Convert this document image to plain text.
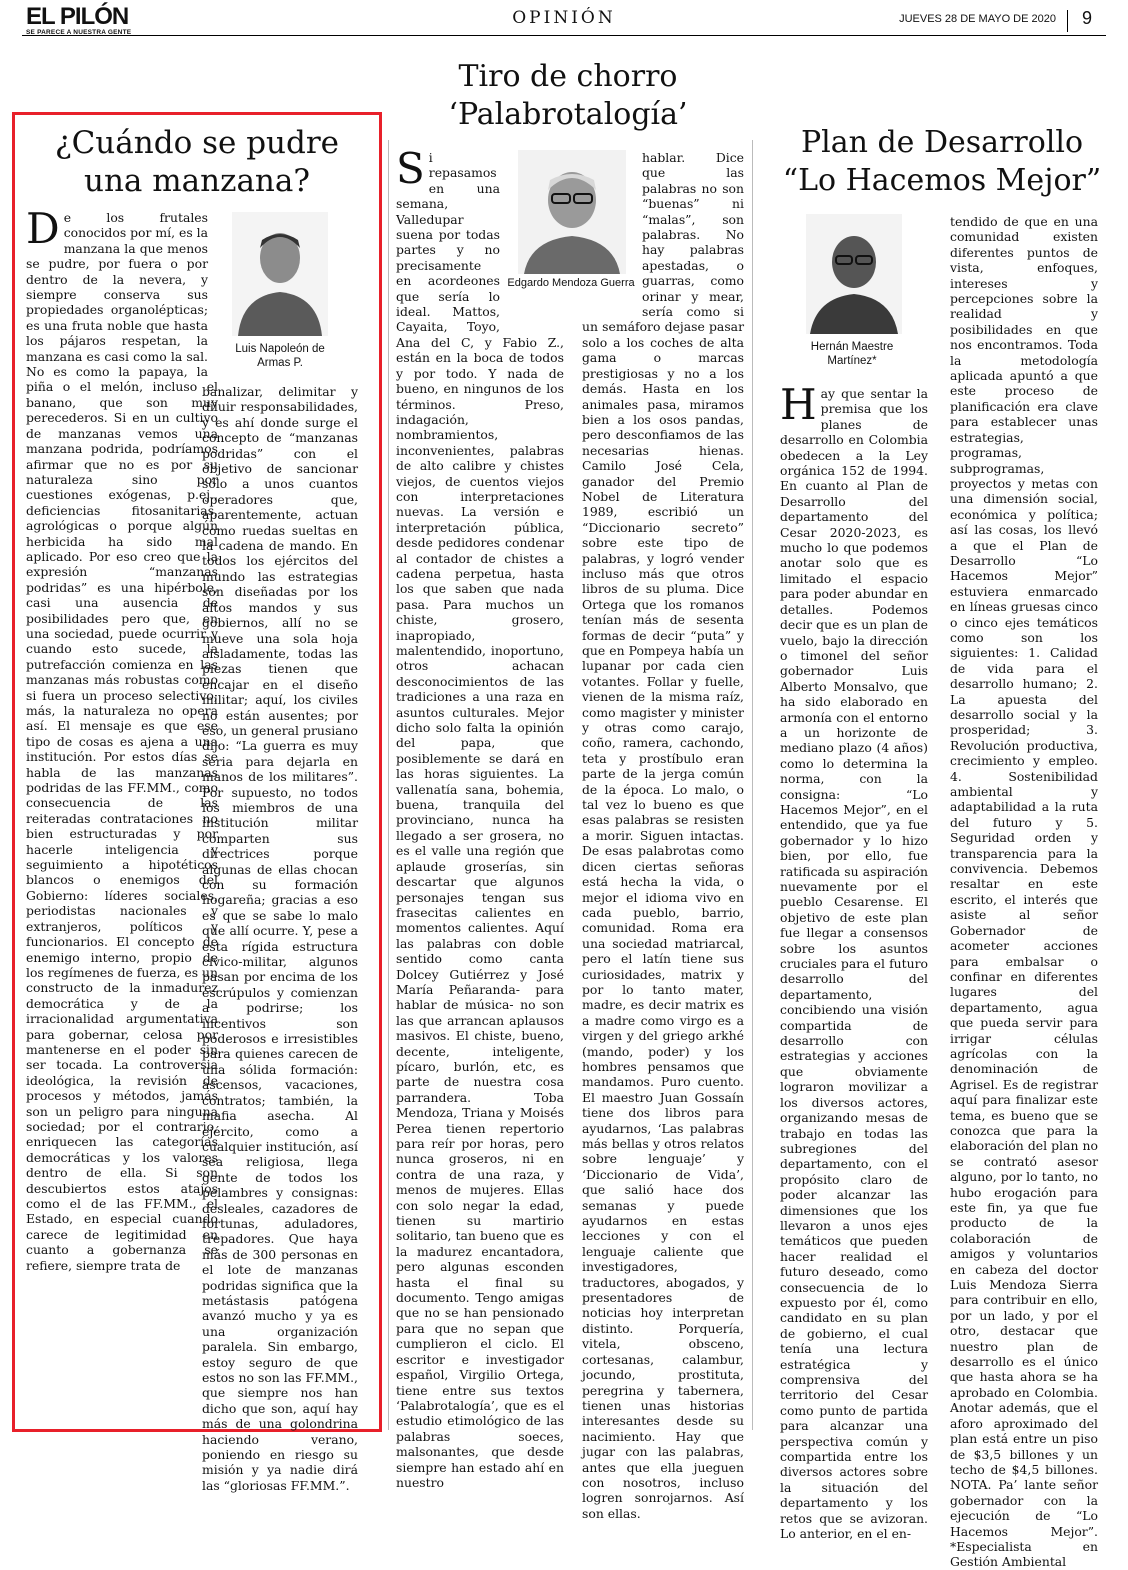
EL PILÓN
SE PARECE A NUESTRA GENTE
OPINIÓN	JUEVES 28 DE MAYO DE 2020 9
¿Cuándo se pudre
una manzana?
Luis Napoleón de Armas P.
D e los frutales conocidos por mí, es la manzana la que menos se pudre, por fuera o por dentro de la nevera, y siempre conserva sus propiedades organolépticas; es una fruta noble que hasta los pájaros respetan, la manzana es casi como la sal. No es como la papaya, la piña o el melón, incluso el banano, que son muy perecederos. Si en un cultivo de manzanas vemos una manzana podrida, podríamos afirmar que no es por su naturaleza sino por cuestiones exógenas, p.ej., deficiencias fitosanitarias, agrológicas o porque algún herbicida ha sido mal aplicado. Por eso creo que la expresión “manzanas podridas” es una hipérbole, casi una ausencia de posibilidades pero que, en una sociedad, puede ocurrir y cuando esto sucede, la putrefacción comienza en las manzanas más robustas como si fuera un proceso selectivo; más, la naturaleza no opera así. El mensaje es que ese tipo de cosas es ajena a una institución. Por estos días se habla de las manzanas podridas de las FF.MM., como consecuencia de las reiteradas contrataciones no bien estructuradas y por hacerle inteligencia y seguimiento a hipotéticos blancos o enemigos del Gobierno: líderes sociales, periodistas nacionales y extranjeros, políticos y funcionarios. El concepto de enemigo interno, propio de los regímenes de fuerza, es un constructo de la inmadurez democrática y de la irracionalidad argumentativa para gobernar, celosa por mantenerse en el poder sin ser tocada. La controversia ideológica, la revisión de procesos y métodos, jamás son un peligro para ninguna sociedad; por el contrario, enriquecen las categorías democráticas y los valores dentro de ella. Si son descubiertos estos atajos como el de las FF.MM., el Estado, en especial cuando carece de legitimidad en cuanto a gobernanza se refiere, siempre trata de
banalizar, delimitar y diluir responsabilidades, y es ahí donde surge el concepto de “manzanas podridas” con el objetivo de sancionar sólo a unos cuantos operadores que, aparentemente, actuan como ruedas sueltas en la cadena de mando. En todos los ejércitos del mundo las estrategias son diseñadas por los altos mandos y sus gobiernos, allí no se mueve una sola hoja aisladamente, todas las piezas tienen que encajar en el diseño militar; aquí, los civiles no están ausentes; por eso, un general prusiano dijo: “La guerra es muy seria para dejarla en manos de los militares”. Por supuesto, no todos los miembros de una institución militar comparten sus directrices porque algunas de ellas chocan con su formación hogareña; gracias a eso es que se sabe lo malo que allí ocurre. Y, pese a esta rígida estructura cívico-militar, algunos pasan por encima de los escrúpulos y comienzan a podrirse; los incentivos son poderosos e irresistibles para quienes carecen de una sólida formación: ascensos, vacaciones, contratos; también, la mafia asecha. Al ejército, como a cualquier institución, así sea religiosa, llega gente de todos los pelambres y consignas: desleales, cazadores de fortunas, aduladores, trepadores. Que haya más de 300 personas en el lote de manzanas podridas significa que la metástasis patógena avanzó mucho y ya es una organización paralela. Sin embargo, estoy seguro de que estos no son las FF.MM., que siempre nos han dicho que son, aquí hay más de una golondrina haciendo verano, poniendo en riesgo su misión y ya nadie dirá las “gloriosas FF.MM.”.
Tiro de chorro
‘Palabrotalogía’
Edgardo Mendoza Guerra
S i repasamos en una semana, Valledupar suena por todas partes y no precisamente en acordeones que sería lo ideal. Mattos, Cayaita, Toyo, Ana del C, y Fabio Z., están en la boca de todos y por todo. Y nada de bueno, en ningunos de los términos. Preso, indagación, nombramientos, inconvenientes, palabras de alto calibre y chistes viejos, de cuentos viejos con interpretaciones nuevas. La versión e interpretación pública, desde pedidores condenar al contador de chistes a cadena perpetua, hasta los que saben que nada pasa. Para muchos un chiste, grosero, inapropiado, malentendido, inoportuno, otros achacan desconocimientos de las tradiciones a una raza en asuntos culturales. Mejor dicho solo falta la opinión del papa, que posiblemente se dará en las horas siguientes. La vallenatía sana, bohemia, buena, tranquila del provinciano, nunca ha llegado a ser grosera, no es el valle una región que aplaude groserías, sin descartar que algunos personajes tengan sus frasecitas calientes en momentos calientes. Aquí las palabras con doble sentido como canta Dolcey Gutiérrez y José María Peñaranda- para hablar de música- no son las que arrancan aplausos masivos. El chiste, bueno, decente, inteligente, pícaro, burlón, etc, es parte de nuestra cosa parrandera. Toba Mendoza, Triana y Moisés Perea tienen repertorio para reír por horas, pero nunca groseros, ni en contra de una raza, y menos de mujeres. Ellas con solo negar la edad, tienen su martirio solitario, tan bueno que es la madurez encantadora, pero algunas esconden hasta el final su documento. Tengo amigas que no se han pensionado para que no sepan que cumplieron el ciclo. El escritor e investigador español, Virgilio Ortega, tiene entre sus textos ‘Palabrotalogía’, que es el estudio etimológico de las palabras soeces, malsonantes, que desde siempre han estado ahí en nuestro
hablar. Dice que las palabras no son “buenas” ni “malas”, son palabras. No hay palabras apestadas, o guarras, como orinar y mear, sería como si un semáforo dejase pasar solo a los coches de alta gama o marcas prestigiosas y no a los demás. Hasta en los animales pasa, miramos bien a los osos pandas, pero desconfiamos de las necesarias hienas. Camilo José Cela, ganador del Premio Nobel de Literatura 1989, escribió un “Diccionario secreto” sobre este tipo de palabras, y logró vender incluso más que otros libros de su pluma. Dice Ortega que los romanos tenían más de sesenta formas de decir “puta” y que en Pompeya había un lupanar por cada cien votantes. Follar y fuelle, vienen de la misma raíz, como magister y minister y otras como carajo, coño, ramera, cachondo, teta y prostíbulo eran parte de la jerga común de la época. Lo malo, o tal vez lo bueno es que esas palabras se resisten a morir. Siguen intactas. De esas palabrotas como dicen ciertas señoras está hecha la vida, o mejor el idioma vivo en cada pueblo, barrio, comunidad. Roma era una sociedad matriarcal, pero el latín tiene sus curiosidades, matrix y por lo tanto mater, madre, es decir matrix es a madre como virgo es a virgen y del griego arkhé (mando, poder) y los hombres pensamos que mandamos. Puro cuento. El maestro Juan Gossaín tiene dos libros para ayudarnos, ‘Las palabras más bellas y otros relatos sobre lenguaje’ y ‘Diccionario de Vida’, que salió hace dos semanas y puede ayudarnos en estas lecciones y con el lenguaje caliente que investigadores, traductores, abogados, y presentadores de noticias hoy interpretan distinto. Porquería, vitela, obsceno, cortesanas, calambur, jocundo, prostituta, peregrina y tabernera, tienen unas historias interesantes desde su nacimiento. Hay que jugar con las palabras, antes que ella jueguen con nosotros, incluso logren sonrojarnos. Así son ellas.
Plan de Desarrollo
“Lo Hacemos Mejor”
Hernán Maestre Martínez*
H ay que sentar la premisa que los planes de desarrollo en Colombia obedecen a la Ley orgánica 152 de 1994. En cuanto al Plan de Desarrollo del departamento del Cesar 2020-2023, es mucho lo que podemos anotar solo que es limitado el espacio para poder abundar en detalles. Podemos decir que es un plan de vuelo, bajo la dirección o timonel del señor gobernador Luis Alberto Monsalvo, que ha sido elaborado en armonía con el entorno a un horizonte de mediano plazo (4 años) como lo determina la norma, con la consigna: “Lo Hacemos Mejor”, en el entendido, que ya fue gobernador y lo hizo bien, por ello, fue ratificada su aspiración nuevamente por el pueblo Cesarense. El objetivo de este plan fue llegar a consensos sobre los asuntos cruciales para el futuro desarrollo del departamento, concibiendo una visión compartida de desarrollo con estrategias y acciones que obviamente lograron movilizar a los diversos actores, organizando mesas de trabajo en todas las subregiones del departamento, con el propósito claro de poder alcanzar las dimensiones que los llevaron a unos ejes temáticos que pueden hacer realidad el futuro deseado, como consecuencia de lo expuesto por él, como candidato en su plan de gobierno, el cual tenía una lectura estratégica y comprensiva del territorio del Cesar como punto de partida para alcanzar una perspectiva común y compartida entre los diversos actores sobre la situación del departamento y los retos que se avizoran. Lo anterior, en el en-
tendido de que en una comunidad existen diferentes puntos de vista, enfoques, intereses y percepciones sobre la realidad y posibilidades en que nos encontramos. Toda la metodología aplicada apuntó a que este proceso de planificación era clave para establecer unas estrategias, programas, subprogramas, proyectos y metas con una dimensión social, económica y política; así las cosas, los llevó a que el Plan de Desarrollo “Lo Hacemos Mejor” estuviera enmarcado en líneas gruesas cinco o cinco ejes temáticos como son los siguientes: 1. Calidad de vida para el desarrollo humano; 2. La apuesta del desarrollo social y la prosperidad; 3. Revolución productiva, crecimiento y empleo. 4. Sostenibilidad ambiental y adaptabilidad a la ruta del futuro y 5. Seguridad orden y transparencia para la convivencia. Debemos resaltar en este escrito, el interés que asiste al señor Gobernador de acometer acciones para embalsar o confinar en diferentes lugares del departamento, agua que pueda servir para irrigar células agrícolas con la denominación de Agrisel. Es de registrar aquí para finalizar este tema, es bueno que se conozca que para la elaboración del plan no se contrató asesor alguno, por lo tanto, no hubo erogación para este fin, ya que fue producto de la colaboración de amigos y voluntarios en cabeza del doctor Luis Mendoza Sierra para contribuir en ello, por un lado, y por el otro, destacar que nuestro plan de desarrollo es el único que hasta ahora se ha aprobado en Colombia. Anotar además, que el aforo aproximado del plan está entre un piso de $3,5 billones y un techo de $4,5 billones. NOTA. Pa’ lante señor gobernador con la ejecución de “Lo Hacemos Mejor”. *Especialista en Gestión Ambiental
